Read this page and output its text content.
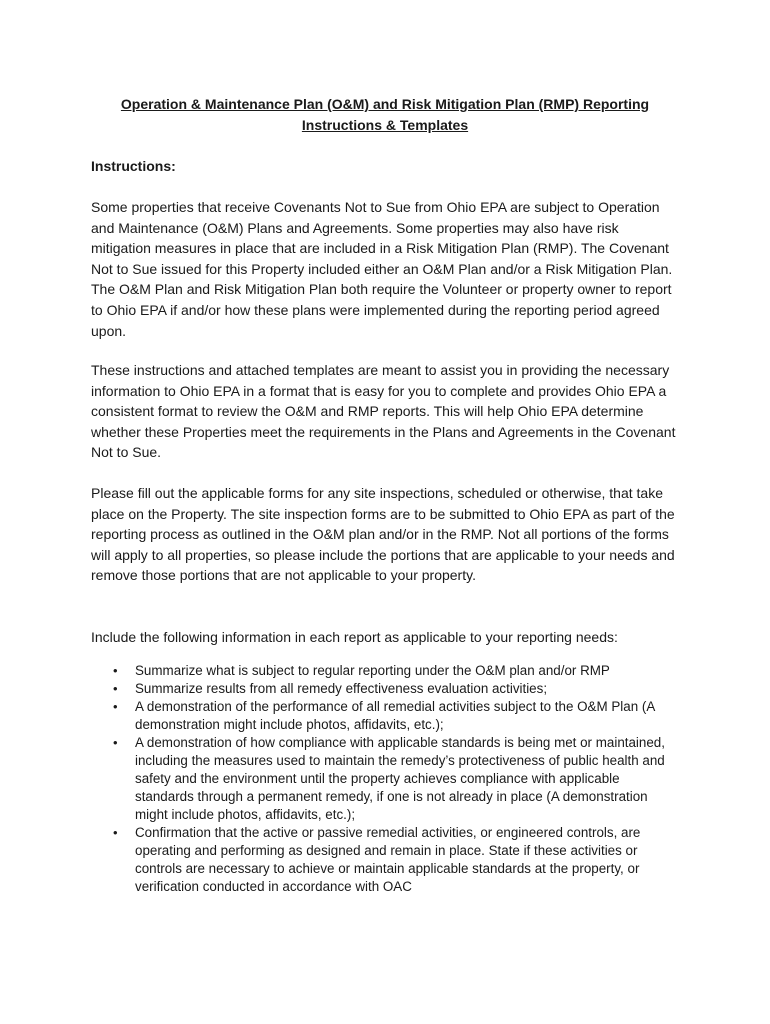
Operation & Maintenance Plan (O&M) and Risk Mitigation Plan (RMP) Reporting Instructions & Templates

Instructions:

Some properties that receive Covenants Not to Sue from Ohio EPA are subject to Operation and Maintenance (O&M) Plans and Agreements. Some properties may also have risk mitigation measures in place that are included in a Risk Mitigation Plan (RMP). The Covenant Not to Sue issued for this Property included either an O&M Plan and/or a Risk Mitigation Plan. The O&M Plan and Risk Mitigation Plan both require the Volunteer or property owner to report to Ohio EPA if and/or how these plans were implemented during the reporting period agreed upon.

These instructions and attached templates are meant to assist you in providing the necessary information to Ohio EPA in a format that is easy for you to complete and provides Ohio EPA a consistent format to review the O&M and RMP reports. This will help Ohio EPA determine whether these Properties meet the requirements in the Plans and Agreements in the Covenant Not to Sue.

Please fill out the applicable forms for any site inspections, scheduled or otherwise, that take place on the Property. The site inspection forms are to be submitted to Ohio EPA as part of the reporting process as outlined in the O&M plan and/or in the RMP. Not all portions of the forms will apply to all properties, so please include the portions that are applicable to your needs and remove those portions that are not applicable to your property.

Include the following information in each report as applicable to your reporting needs:

• Summarize what is subject to regular reporting under the O&M plan and/or RMP
• Summarize results from all remedy effectiveness evaluation activities;
• A demonstration of the performance of all remedial activities subject to the O&M Plan (A demonstration might include photos, affidavits, etc.);
• A demonstration of how compliance with applicable standards is being met or maintained, including the measures used to maintain the remedy’s protectiveness of public health and safety and the environment until the property achieves compliance with applicable standards through a permanent remedy, if one is not already in place (A demonstration might include photos, affidavits, etc.);
• Confirmation that the active or passive remedial activities, or engineered controls, are operating and performing as designed and remain in place. State if these activities or controls are necessary to achieve or maintain applicable standards at the property, or verification conducted in accordance with OAC
